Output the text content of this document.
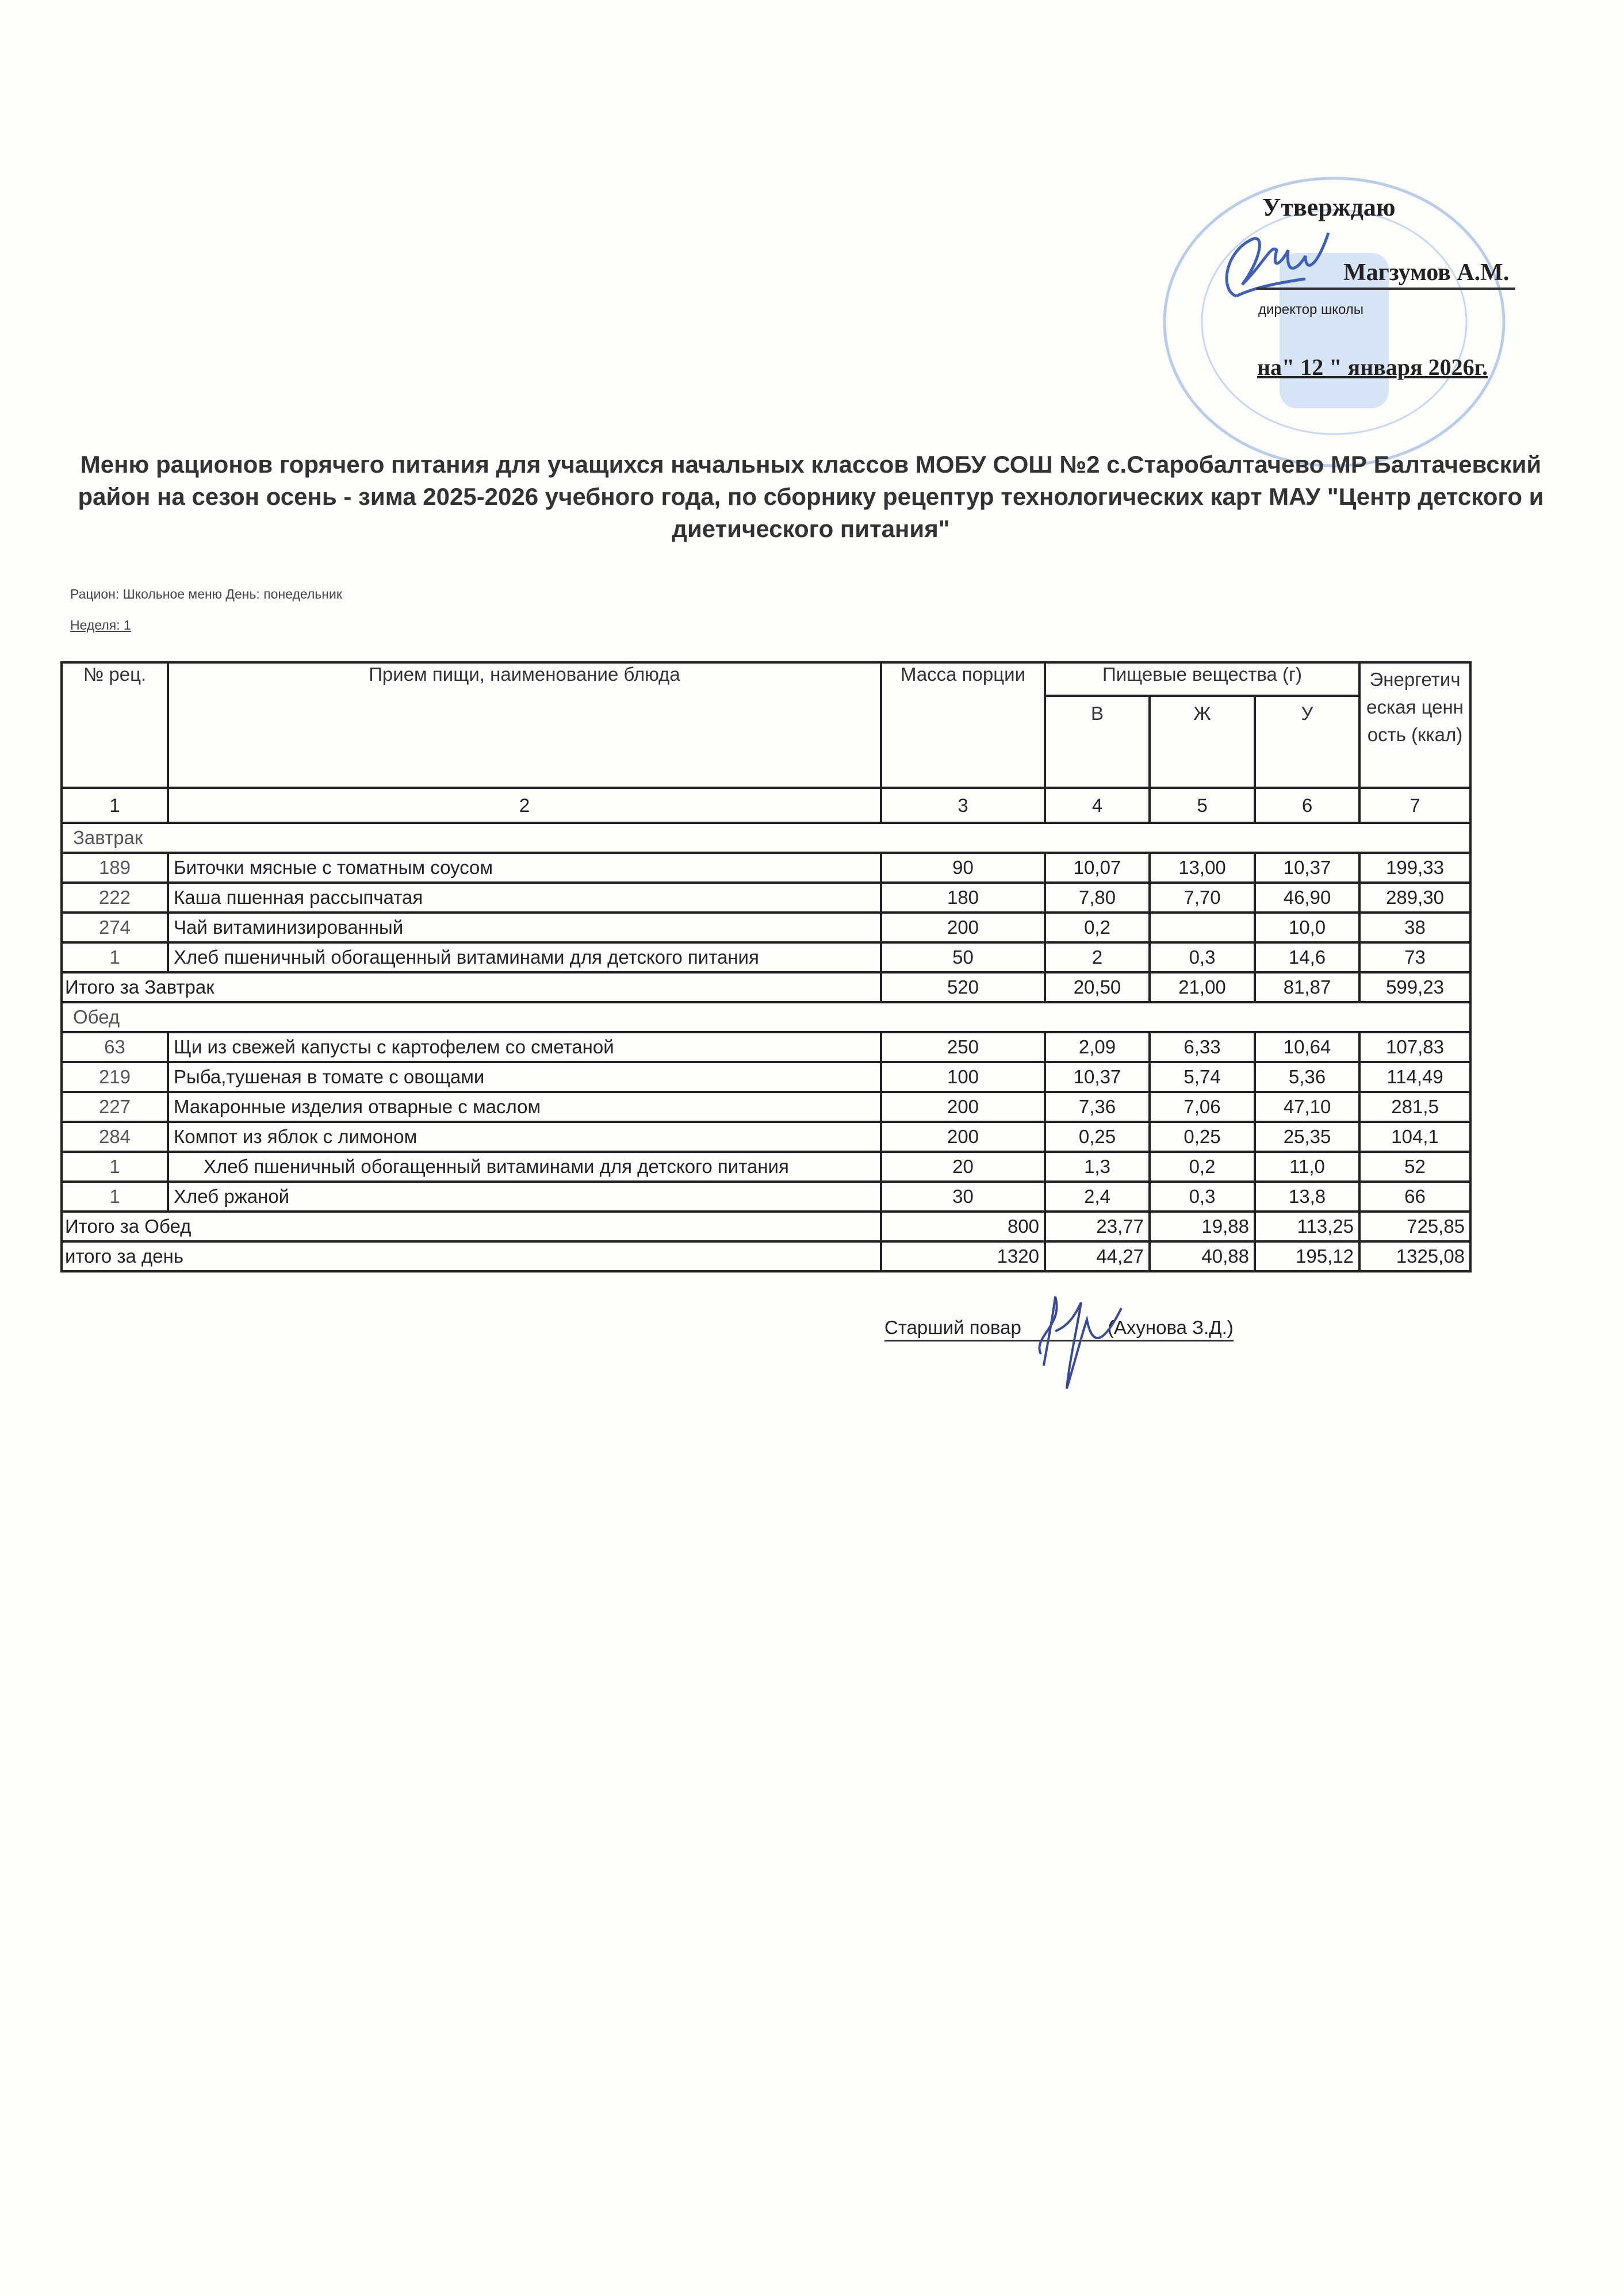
Утверждаю
Магзумов А.М.
директор школы
на" 12 " января 2026г.
Меню рационов горячего питания для учащихся начальных классов МОБУ СОШ №2 с.Старобалтачево МР Балтачевский район на сезон осень - зима 2025-2026 учебного года, по сборнику рецептур технологических карт МАУ "Центр детского и диетического питания"
Рацион: Школьное меню День: понедельник
Неделя: 1
№ рец.	Прием пищи, наименование блюда	Масса порции	Пищевые вещества (г)			Энергетическая ценность (ккал)
			В	Ж	У	
1	2	3	4	5	6	7
Завтрак						
189	Биточки мясные с томатным соусом	90	10,07	13,00	10,37	199,33
222	Каша пшенная рассыпчатая	180	7,80	7,70	46,90	289,30
274	Чай витаминизированный	200	0,2		10,0	38
1	Хлеб пшеничный обогащенный витаминами для детского питания	50	2	0,3	14,6	73
Итого за Завтрак		520	20,50	21,00	81,87	599,23
Обед						
63	Щи из свежей капусты с картофелем со сметаной	250	2,09	6,33	10,64	107,83
219	Рыба,тушеная в томате с овощами	100	10,37	5,74	5,36	114,49
227	Макаронные изделия отварные с маслом	200	7,36	7,06	47,10	281,5
284	Компот из яблок с лимоном	200	0,25	0,25	25,35	104,1
1	Хлеб пшеничный обогащенный витаминами для детского питания	20	1,3	0,2	11,0	52
1	Хлеб ржаной	30	2,4	0,3	13,8	66
Итого за Обед		800	23,77	19,88	113,25	725,85
итого за день		1320	44,27	40,88	195,12	1325,08
Старший повар	(Ахунова З.Д.)
